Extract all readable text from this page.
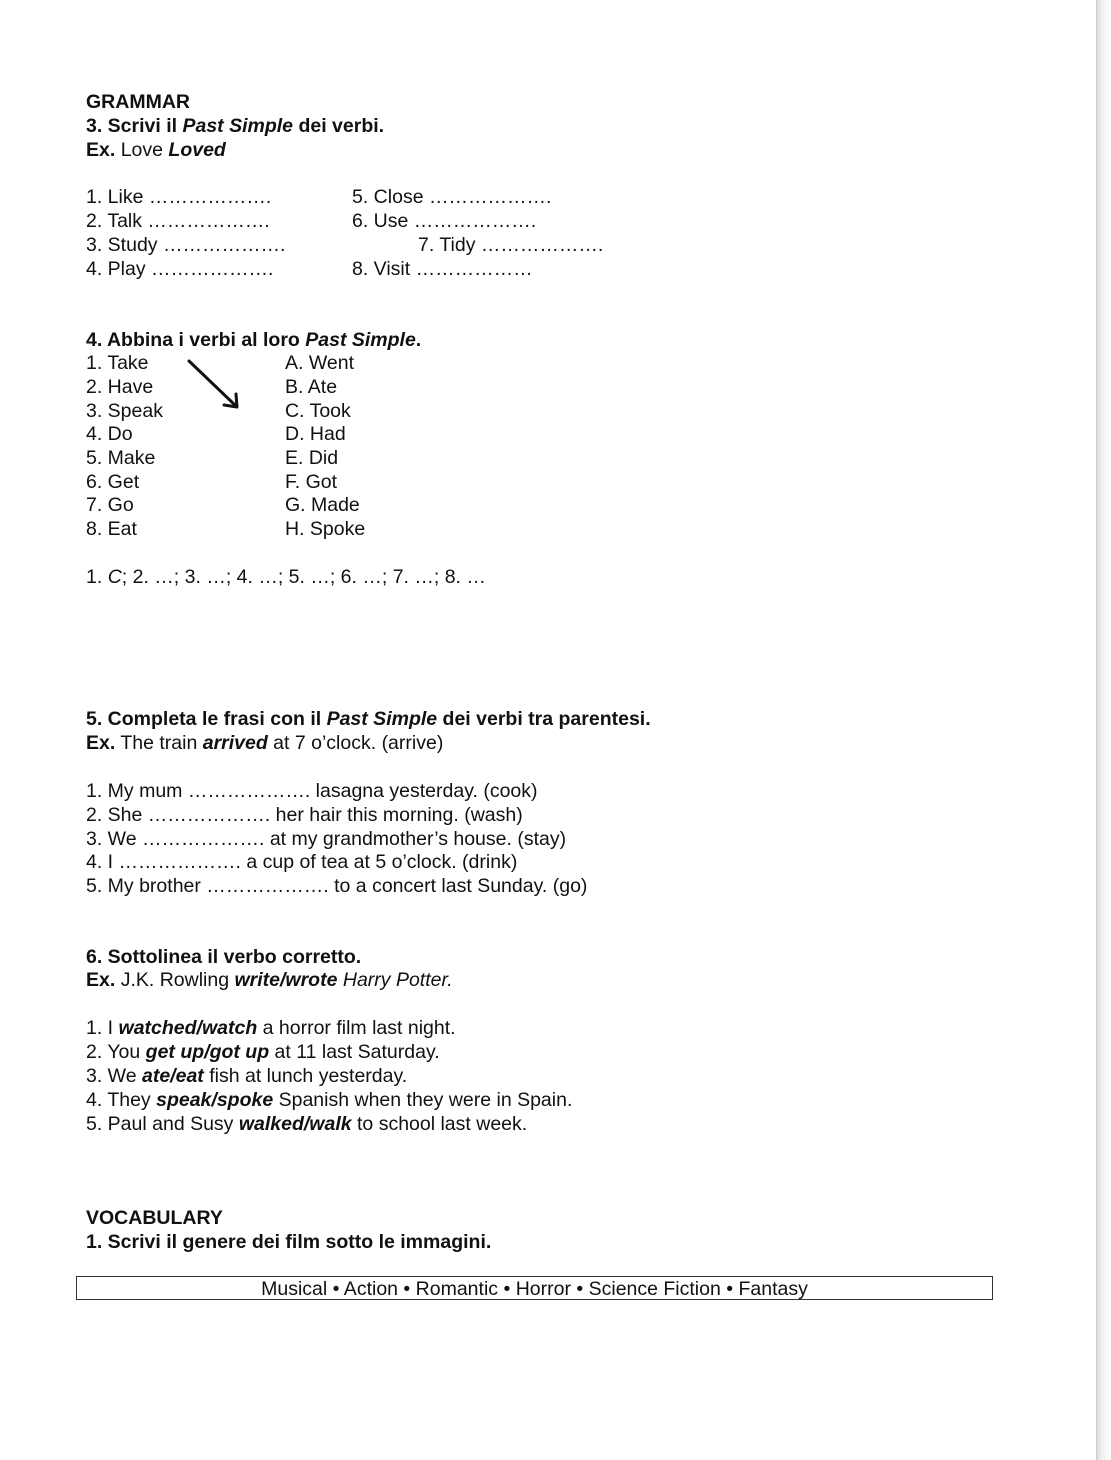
GRAMMAR
3. Scrivi il Past Simple dei verbi.
Ex. Love Loved
1. Like ……………….
2. Talk ……………….
3. Study ……………….
4. Play ……………….
5. Close ……………….
6. Use ……………….
7. Tidy ……………….
8. Visit ………………
4. Abbina i verbi al loro Past Simple.
1. Take
2. Have
3. Speak
4. Do
5. Make
6. Get
7. Go
8. Eat
A. Went
B. Ate
C. Took
D. Had
E. Did
F. Got
G. Made
H. Spoke
1. C; 2. …; 3. …; 4. …; 5. …; 6. …; 7. …; 8. …
5. Completa le frasi con il Past Simple dei verbi tra parentesi.
Ex. The train arrived at 7 o’clock. (arrive)
1. My mum ………………. lasagna yesterday. (cook)
2. She ………………. her hair this morning. (wash)
3. We ………………. at my grandmother’s house. (stay)
4. I ………………. a cup of tea at 5 o’clock. (drink)
5. My brother ………………. to a concert last Sunday. (go)
6. Sottolinea il verbo corretto.
Ex. J.K. Rowling write/wrote Harry Potter.
1. I watched/watch a horror film last night.
2. You get up/got up at 11 last Saturday.
3. We ate/eat fish at lunch yesterday.
4. They speak/spoke Spanish when they were in Spain.
5. Paul and Susy walked/walk to school last week.
VOCABULARY
1. Scrivi il genere dei film sotto le immagini.
Musical • Action • Romantic • Horror • Science Fiction • Fantasy
